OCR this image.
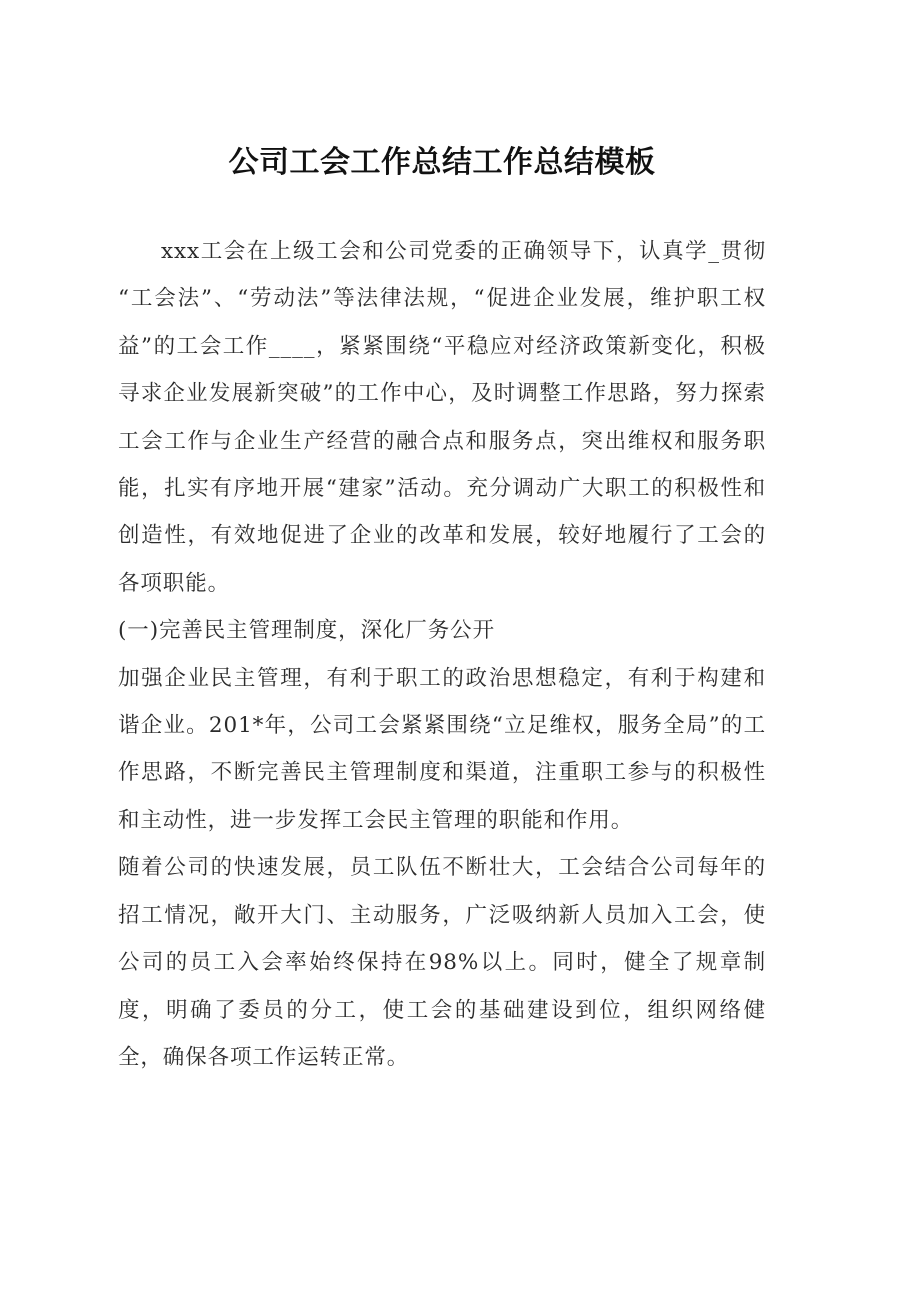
公司工会工作总结工作总结模板

xxx工会在上级工会和公司党委的正确领导下，认真学_贯彻“工会法”、“劳动法”等法律法规，“促进企业发展，维护职工权益”的工会工作____，紧紧围绕“平稳应对经济政策新变化，积极寻求企业发展新突破”的工作中心，及时调整工作思路，努力探索工会工作与企业生产经营的融合点和服务点，突出维权和服务职能，扎实有序地开展“建家”活动。充分调动广大职工的积极性和创造性，有效地促进了企业的改革和发展，较好地履行了工会的各项职能。

(一)完善民主管理制度，深化厂务公开

加强企业民主管理，有利于职工的政治思想稳定，有利于构建和谐企业。201*年，公司工会紧紧围绕“立足维权，服务全局”的工作思路，不断完善民主管理制度和渠道，注重职工参与的积极性和主动性，进一步发挥工会民主管理的职能和作用。

随着公司的快速发展，员工队伍不断壮大，工会结合公司每年的招工情况，敞开大门、主动服务，广泛吸纳新人员加入工会，使公司的员工入会率始终保持在98%以上。同时，健全了规章制度，明确了委员的分工，使工会的基础建设到位，组织网络健全，确保各项工作运转正常。
